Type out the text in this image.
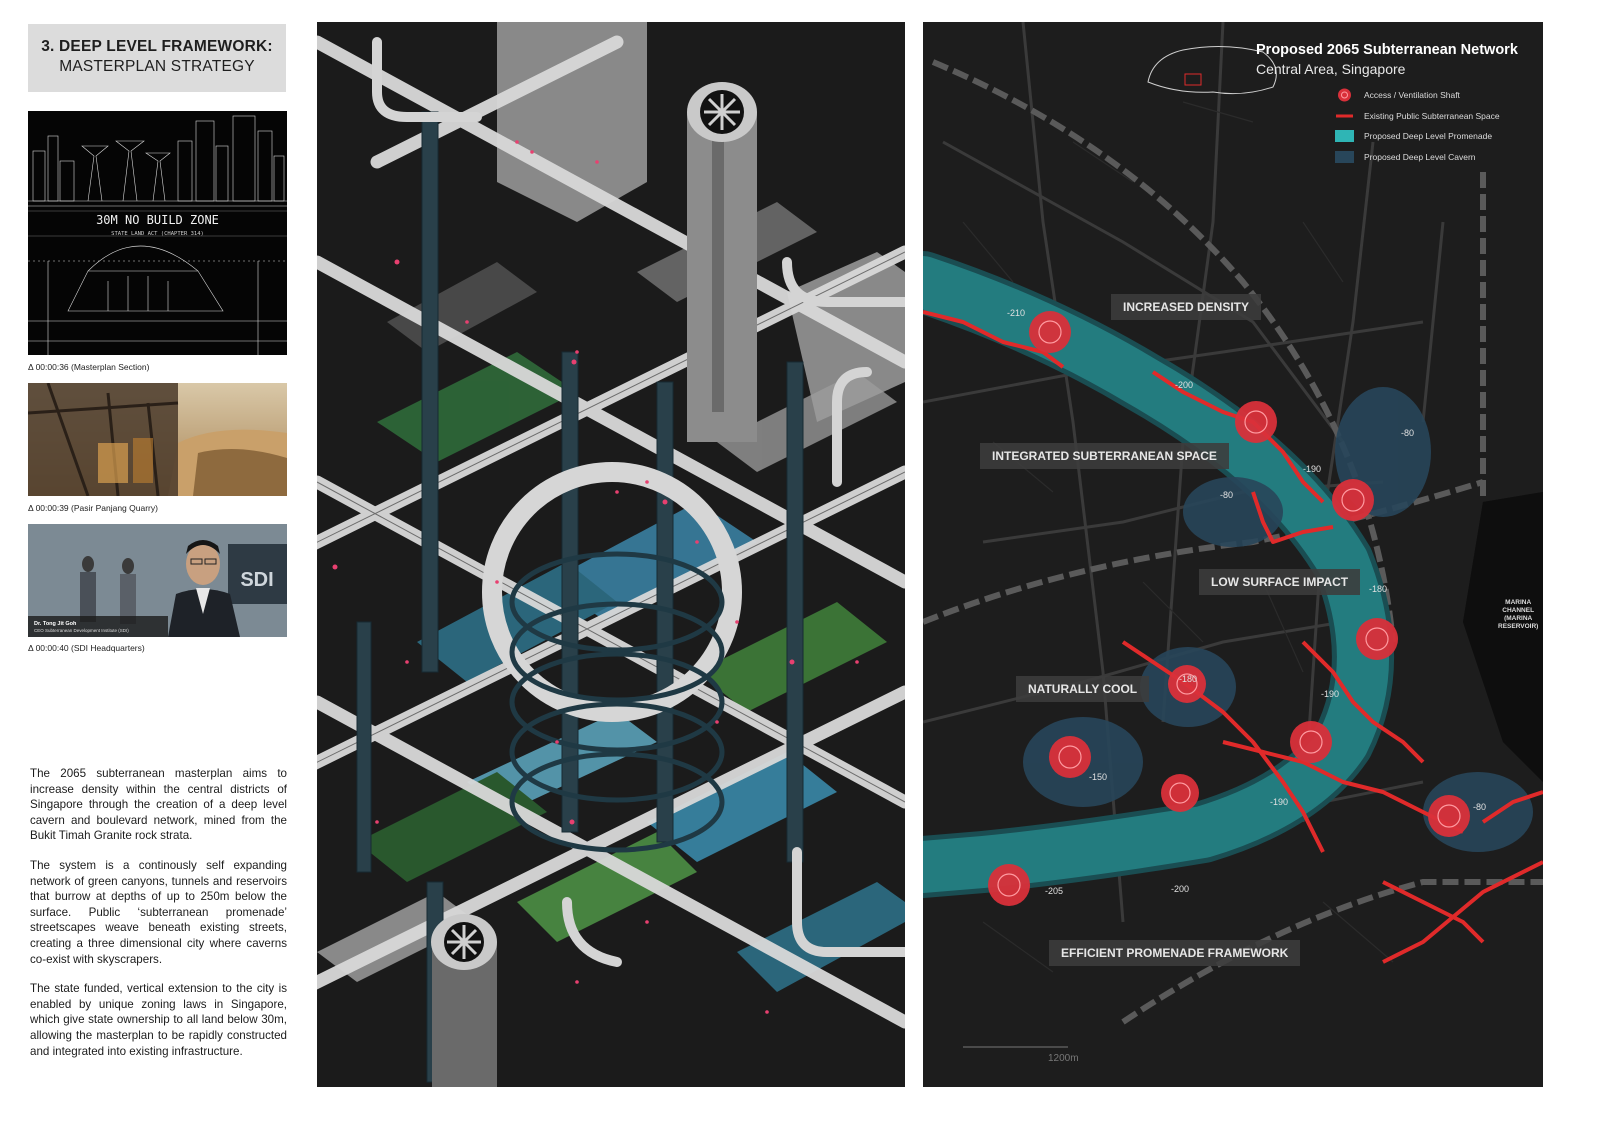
3. DEEP LEVEL FRAMEWORK:
MASTERPLAN STRATEGY
30M NO BUILD ZONE
STATE LAND ACT (CHAPTER 314)
Δ 00:00:36 (Masterplan Section)
Δ 00:00:39 (Pasir Panjang Quarry)
SDI
Dr. Tong Jit Goh
CEO Subterranean Development Institute (SDI)
Δ 00:00:40 (SDI Headquarters)

The 2065 subterranean masterplan aims to increase density within the central districts of Singapore through the creation of a deep level cavern and boulevard network, mined from the Bukit Timah Granite rock strata.

The system is a continously self expanding network of green canyons, tunnels and reservoirs that burrow at depths of up to 250m below the surface. Public ‘subterranean promenade’ streetscapes weave beneath existing streets, creating a three dimensional city where caverns co-exist with skyscrapers.

The state funded, vertical extension to the city is enabled by unique zoning laws in Singapore, which give state ownership to all land below 30m, allowing the masterplan to be rapidly constructed and integrated into existing infrastructure.

Proposed 2065 Subterranean Network
Central Area, Singapore
Access / Ventilation Shaft
Existing Public Subterranean Space
Proposed Deep Level Promenade
Proposed Deep Level Cavern
INCREASED DENSITY
INTEGRATED SUBTERRANEAN SPACE
LOW SURFACE IMPACT
NATURALLY COOL
EFFICIENT PROMENADE FRAMEWORK
-210
-200
-190
-80
-80
-180
-190
-180
-150
-190	-80
-205	-200
MARINA
CHANNEL
(MARINA
RESERVOIR)
1200m
